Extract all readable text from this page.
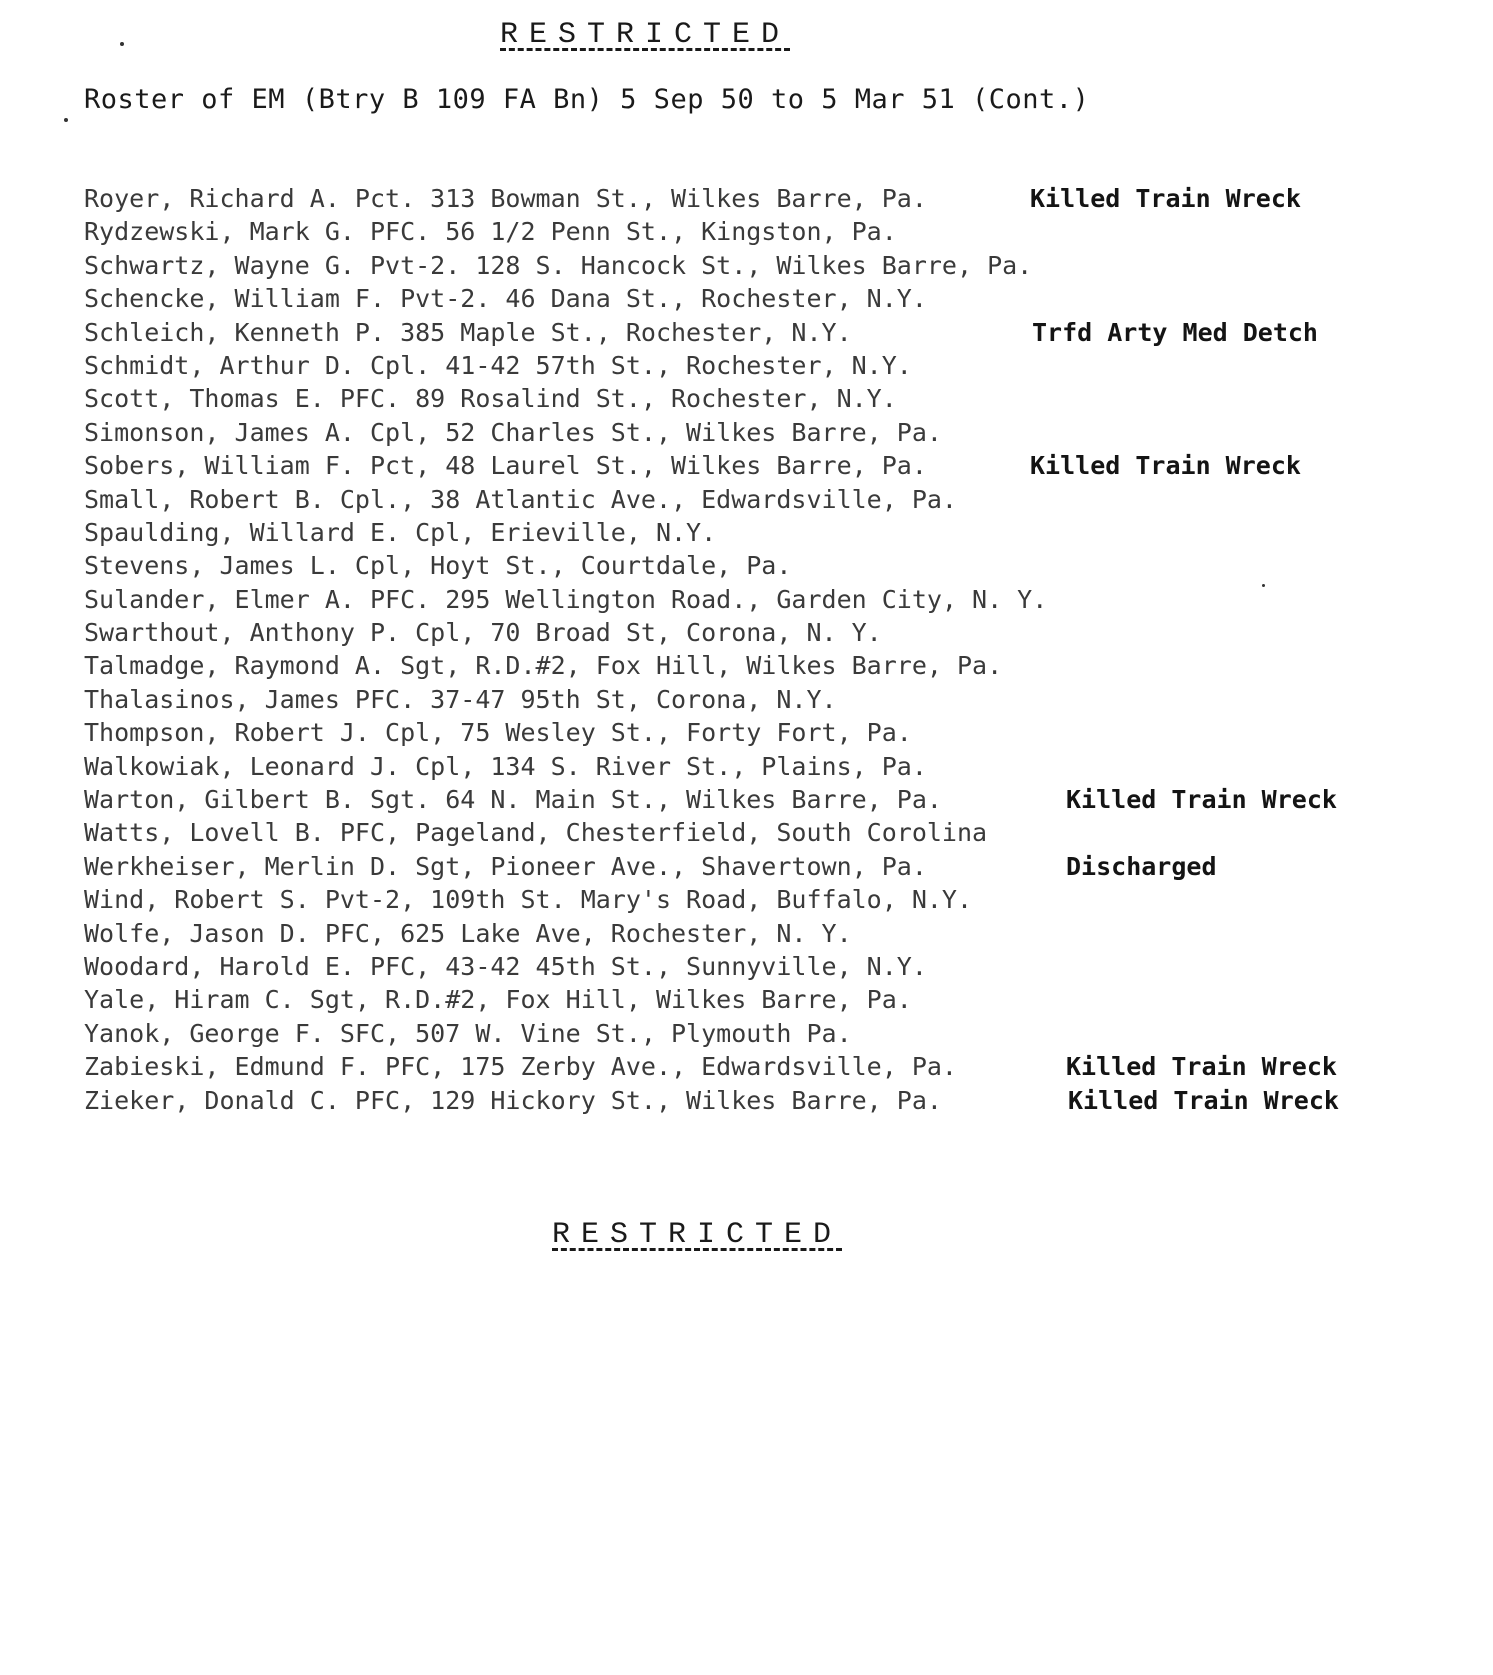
RESTRICTED
Roster of EM (Btry B 109 FA Bn) 5 Sep 50 to 5 Mar 51 (Cont.)
Royer, Richard A. Pct. 313 Bowman St., Wilkes Barre, Pa.	Killed Train Wreck
Rydzewski, Mark G. PFC. 56 1/2 Penn St., Kingston, Pa.
Schwartz, Wayne G. Pvt-2. 128 S. Hancock St., Wilkes Barre, Pa.
Schencke, William F. Pvt-2. 46 Dana St., Rochester, N.Y.
Schleich, Kenneth P. 385 Maple St., Rochester, N.Y.	Trfd Arty Med Detch
Schmidt, Arthur D. Cpl. 41-42 57th St., Rochester, N.Y.
Scott, Thomas E. PFC. 89 Rosalind St., Rochester, N.Y.
Simonson, James A. Cpl, 52 Charles St., Wilkes Barre, Pa.
Sobers, William F. Pct, 48 Laurel St., Wilkes Barre, Pa.	Killed Train Wreck
Small, Robert B. Cpl., 38 Atlantic Ave., Edwardsville, Pa.
Spaulding, Willard E. Cpl, Erieville, N.Y.
Stevens, James L. Cpl, Hoyt St., Courtdale, Pa.
Sulander, Elmer A. PFC. 295 Wellington Road., Garden City, N. Y.
Swarthout, Anthony P. Cpl, 70 Broad St, Corona, N. Y.
Talmadge, Raymond A. Sgt, R.D.#2, Fox Hill, Wilkes Barre, Pa.
Thalasinos, James PFC. 37-47 95th St, Corona, N.Y.
Thompson, Robert J. Cpl, 75 Wesley St., Forty Fort, Pa.
Walkowiak, Leonard J. Cpl, 134 S. River St., Plains, Pa.
Warton, Gilbert B. Sgt. 64 N. Main St., Wilkes Barre, Pa.	Killed Train Wreck
Watts, Lovell B. PFC, Pageland, Chesterfield, South Corolina
Werkheiser, Merlin D. Sgt, Pioneer Ave., Shavertown, Pa.	Discharged
Wind, Robert S. Pvt-2, 109th St. Mary's Road, Buffalo, N.Y.
Wolfe, Jason D. PFC, 625 Lake Ave, Rochester, N. Y.
Woodard, Harold E. PFC, 43-42 45th St., Sunnyville, N.Y.
Yale, Hiram C. Sgt, R.D.#2, Fox Hill, Wilkes Barre, Pa.
Yanok, George F. SFC, 507 W. Vine St., Plymouth Pa.
Zabieski, Edmund F. PFC, 175 Zerby Ave., Edwardsville, Pa.	Killed Train Wreck
Zieker, Donald C. PFC, 129 Hickory St., Wilkes Barre, Pa.	Killed Train Wreck
RESTRICTED
